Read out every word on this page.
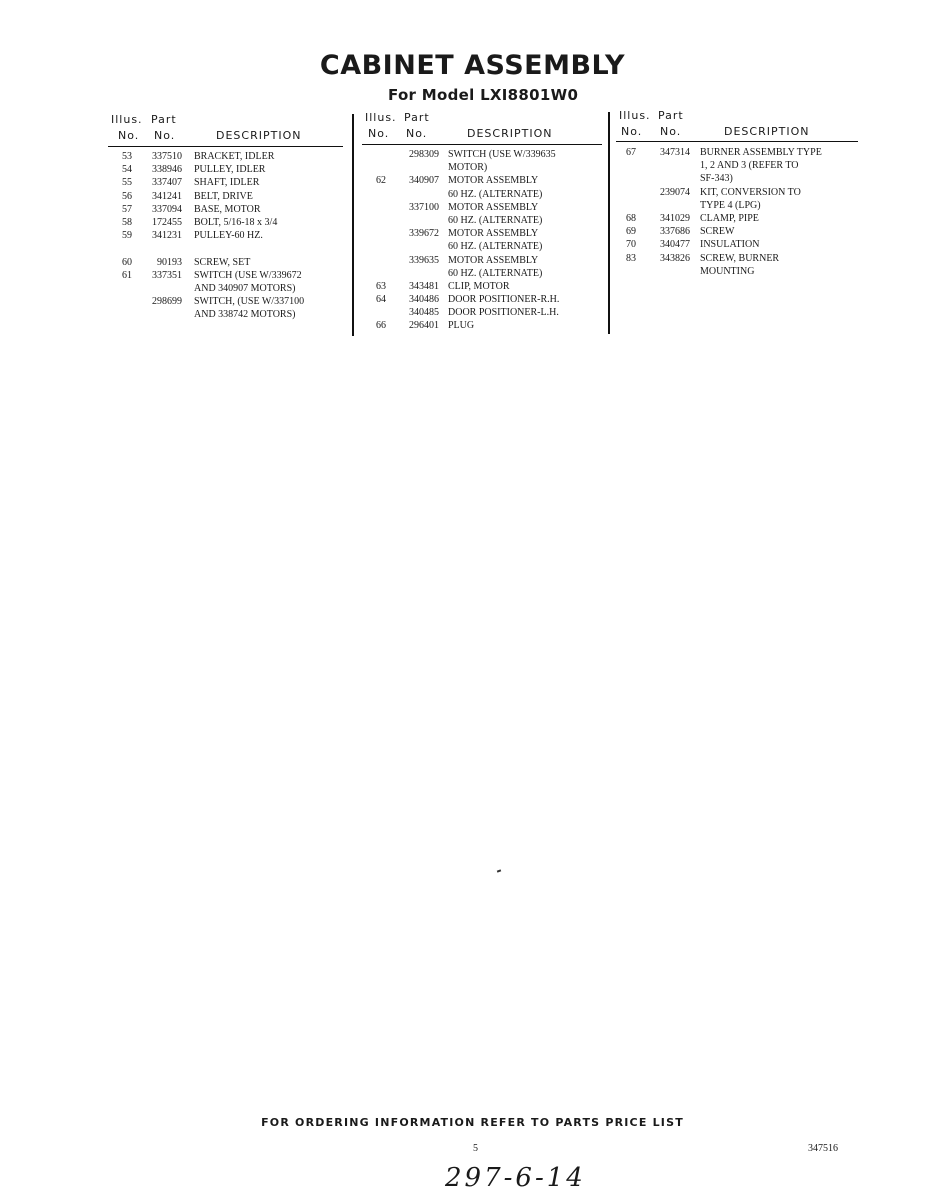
CABINET ASSEMBLY
For Model LXI8801W0
Illus. Part
No. No.	DESCRIPTION
53	337510 BRACKET, IDLER
54	338946 PULLEY, IDLER
55	337407 SHAFT, IDLER
56	341241 BELT, DRIVE
57	337094 BASE, MOTOR
58	172455 BOLT, 5/16-18 x 3/4
59	341231 PULLEY-60 HZ.
60	90193 SCREW, SET
61	337351 SWITCH (USE W/339672
AND 340907 MOTORS)
298699 SWITCH, (USE W/337100
AND 338742 MOTORS)
Illus. Part
No. No.	DESCRIPTION
298309 SWITCH (USE W/339635
MOTOR)
62	340907 MOTOR ASSEMBLY
60 HZ. (ALTERNATE)
337100 MOTOR ASSEMBLY
60 HZ. (ALTERNATE)
339672 MOTOR ASSEMBLY
60 HZ. (ALTERNATE)
339635 MOTOR ASSEMBLY
60 HZ. (ALTERNATE)
63	343481 CLIP, MOTOR
64	340486 DOOR POSITIONER-R.H.
340485 DOOR POSITIONER-L.H.
66	296401 PLUG
Illus. Part
No. No.	DESCRIPTION
67	347314 BURNER ASSEMBLY TYPE
1, 2 AND 3 (REFER TO
SF-343)
239074 KIT, CONVERSION TO
TYPE 4 (LPG)
68	341029 CLAMP, PIPE
69	337686 SCREW
70	340477 INSULATION
83	343826 SCREW, BURNER
MOUNTING
FOR ORDERING INFORMATION REFER TO PARTS PRICE LIST
5	347516
297-6-14
